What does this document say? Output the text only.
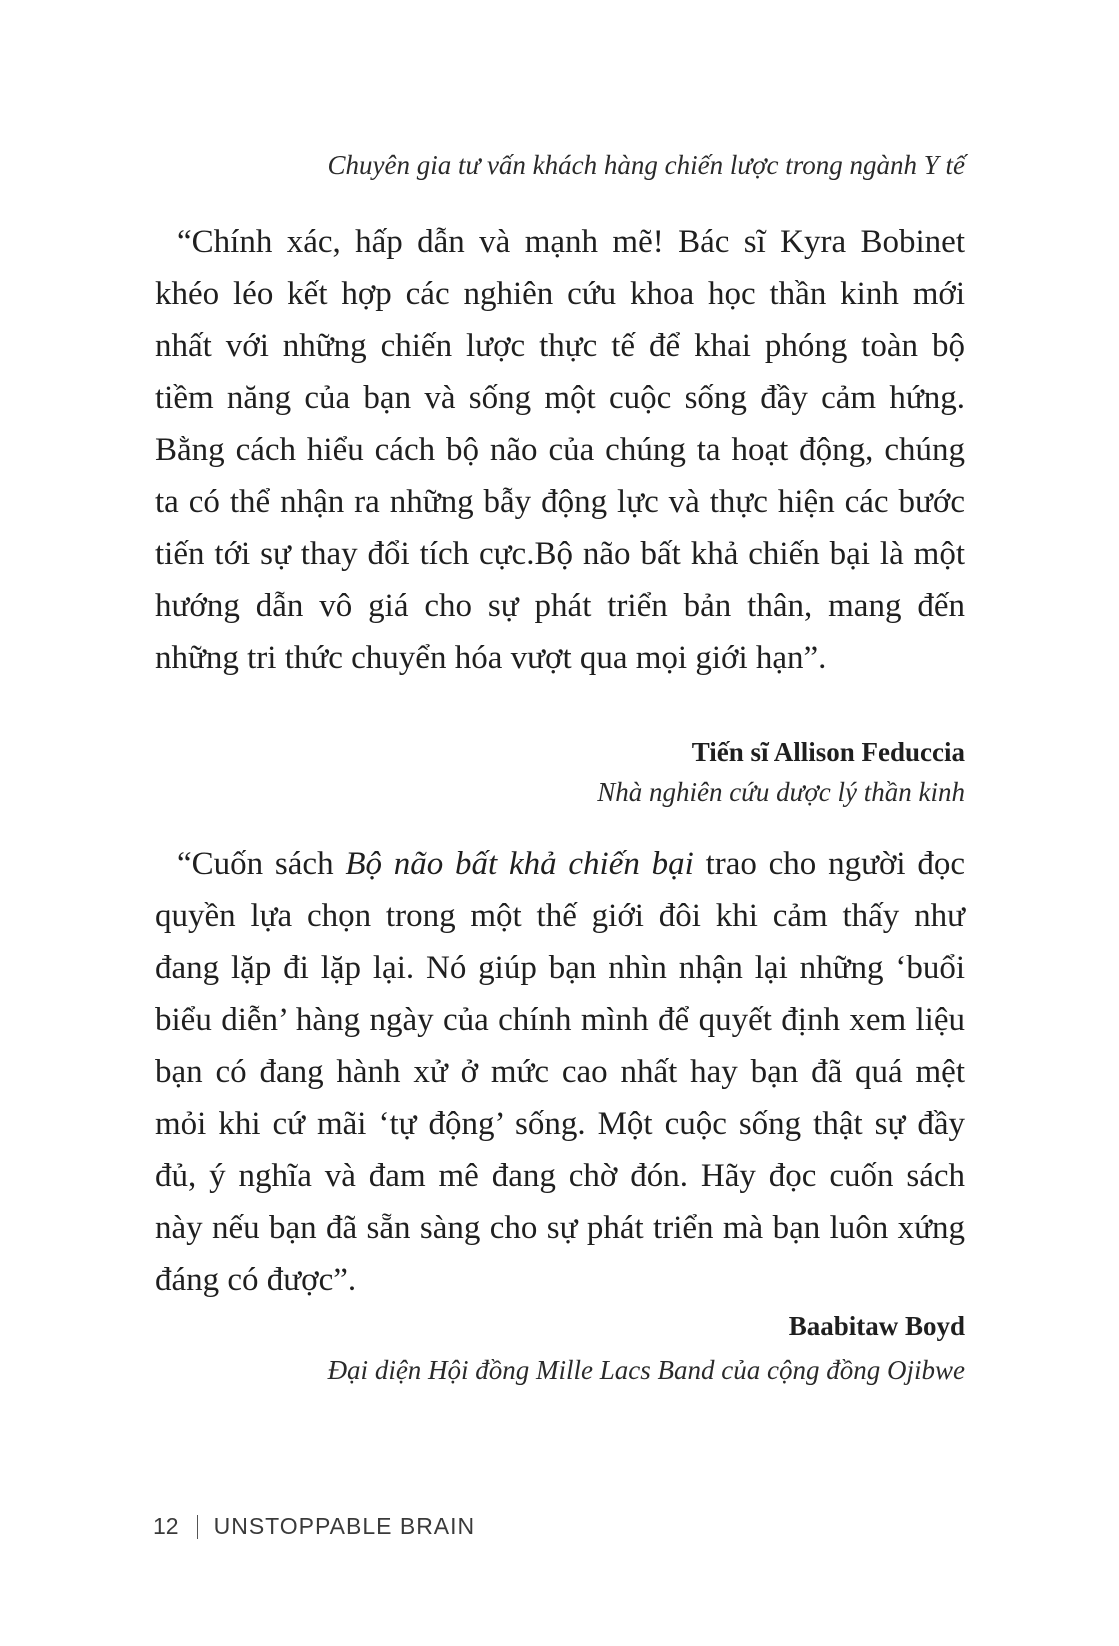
Chuyên gia tư vấn khách hàng chiến lược trong ngành Y tế

“Chính xác, hấp dẫn và mạnh mẽ! Bác sĩ Kyra Bobinet khéo léo kết hợp các nghiên cứu khoa học thần kinh mới nhất với những chiến lược thực tế để khai phóng toàn bộ tiềm năng của bạn và sống một cuộc sống đầy cảm hứng. Bằng cách hiểu cách bộ não của chúng ta hoạt động, chúng ta có thể nhận ra những bẫy động lực và thực hiện các bước tiến tới sự thay đổi tích cực.Bộ não bất khả chiến bại là một hướng dẫn vô giá cho sự phát triển bản thân, mang đến những tri thức chuyển hóa vượt qua mọi giới hạn”.

Tiến sĩ Allison Feduccia

Nhà nghiên cứu dược lý thần kinh

“Cuốn sách Bộ não bất khả chiến bại trao cho người đọc quyền lựa chọn trong một thế giới đôi khi cảm thấy như đang lặp đi lặp lại. Nó giúp bạn nhìn nhận lại những ‘buổi biểu diễn’ hàng ngày của chính mình để quyết định xem liệu bạn có đang hành xử ở mức cao nhất hay bạn đã quá mệt mỏi khi cứ mãi ‘tự động’ sống. Một cuộc sống thật sự đầy đủ, ý nghĩa và đam mê đang chờ đón. Hãy đọc cuốn sách này nếu bạn đã sẵn sàng cho sự phát triển mà bạn luôn xứng đáng có được”.

Baabitaw Boyd

Đại diện Hội đồng Mille Lacs Band của cộng đồng Ojibwe

12 UNSTOPPABLE BRAIN
